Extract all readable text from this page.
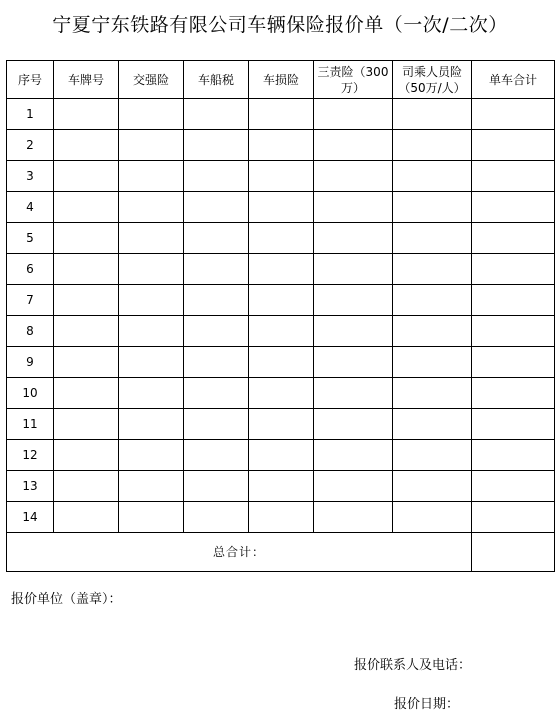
宁夏宁东铁路有限公司车辆保险报价单（一次/二次）
序号	车牌号	交强险	车船税	车损险	三责险（300万）	司乘人员险（50万/人）	单车合计
1							
2							
3							
4							
5							
6							
7							
8							
9							
10							
11							
12							
13							
14							
总合计：							
报价单位（盖章）：
报价联系人及电话：
报价日期：
